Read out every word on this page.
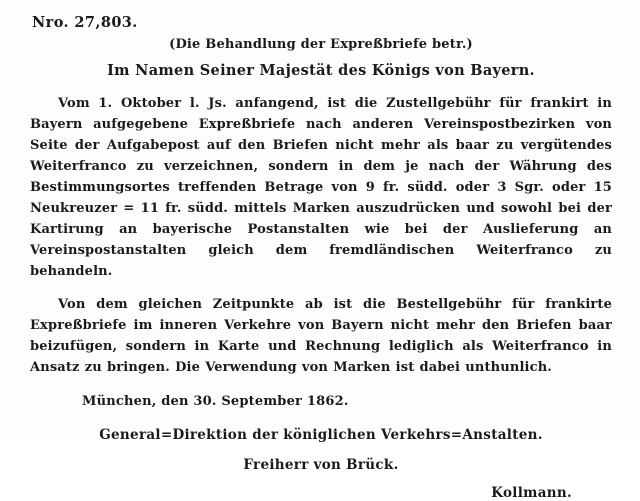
Nro. 27,803.
(Die Behandlung der Expreßbriefe betr.)
Im Namen Seiner Majestät des Königs von Bayern.

Vom 1. Oktober l. Js. anfangend, ist die Zustellgebühr für frankirt in Bayern aufgegebene Expreßbriefe nach anderen Vereinspostbezirken von Seite der Aufgabepost auf den Briefen nicht mehr als baar zu vergütendes Weiterfranco zu verzeichnen, sondern in dem je nach der Währung des Bestimmungsortes treffenden Betrage von 9 fr. südd. oder 3 Sgr. oder 15 Neukreuzer = 11 fr. südd. mittels Marken auszudrücken und sowohl bei der Kartirung an bayerische Postanstalten wie bei der Auslieferung an Vereinspostanstalten gleich dem fremdländischen Weiterfranco zu behandeln.

Von dem gleichen Zeitpunkte ab ist die Bestellgebühr für frankirte Expreßbriefe im inneren Verkehre von Bayern nicht mehr den Briefen baar beizufügen, sondern in Karte und Rechnung lediglich als Weiterfranco in Ansatz zu bringen. Die Verwendung von Marken ist dabei unthunlich.

München, den 30. September 1862.
General=Direktion der königlichen Verkehrs=Anstalten.
Freiherr von Brück.
Kollmann.
